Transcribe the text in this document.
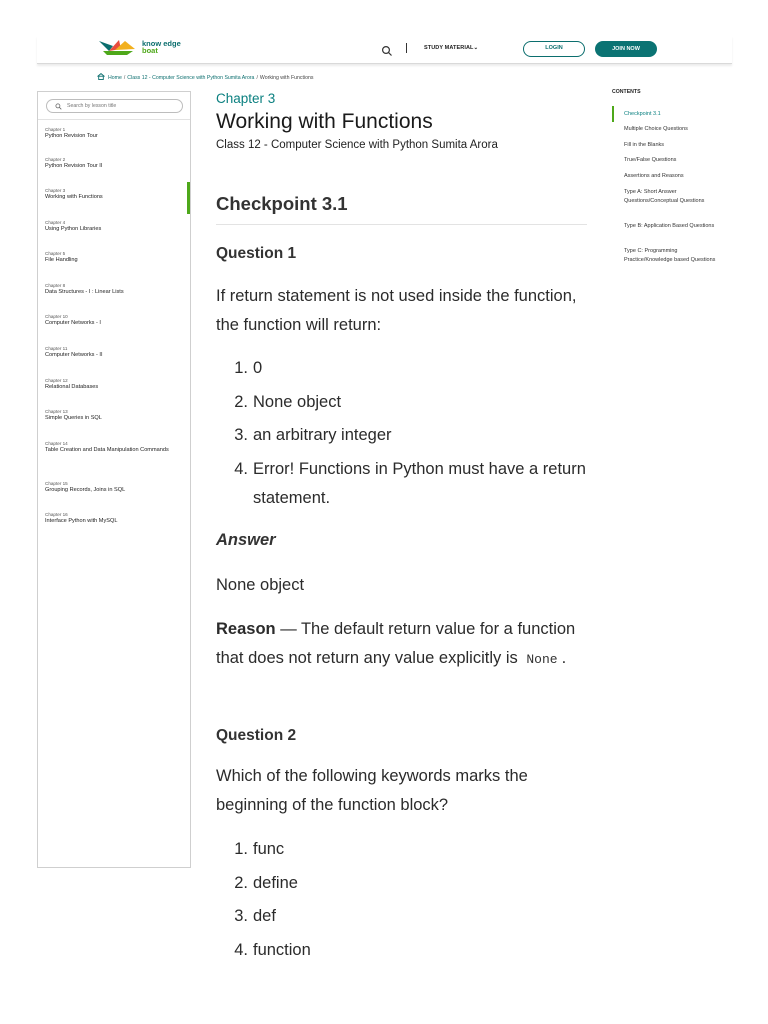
know edge
boat	STUDY MATERIAL⌄	LOGIN	JOIN NOW
Home / Class 12 - Computer Science with Python Sumita Arora / Working with Functions
Search by lesson title
Chapter 1
Python Revision Tour
Chapter 2
Python Revision Tour II
Chapter 3
Working with Functions
Chapter 4
Using Python Libraries
Chapter 5
File Handling
Chapter 8
Data Structures - I : Linear Lists
Chapter 10
Computer Networks - I
Chapter 11
Computer Networks - II
Chapter 12
Relational Databases
Chapter 13
Simple Queries in SQL
Chapter 14
Table Creation and Data Manipulation Commands
Chapter 15
Grouping Records, Joins in SQL
Chapter 16
Interface Python with MySQL
Chapter 3
Working with Functions
Class 12 - Computer Science with Python Sumita Arora
Checkpoint 3.1
Question 1
If return statement is not used inside the function, the function will return:
1. 0
2. None object
3. an arbitrary integer
4. Error! Functions in Python must have a return statement.
Answer
None object
Reason — The default return value for a function that does not return any value explicitly is None .
Question 2
Which of the following keywords marks the beginning of the function block?
1. func
2. define
3. def
4. function
CONTENTS
Checkpoint 3.1
Multiple Choice Questions
Fill in the Blanks
True/False Questions
Assertions and Reasons
Type A: Short Answer Questions/Conceptual Questions
Type B: Application Based Questions
Type C: Programming Practice/Knowledge based Questions
